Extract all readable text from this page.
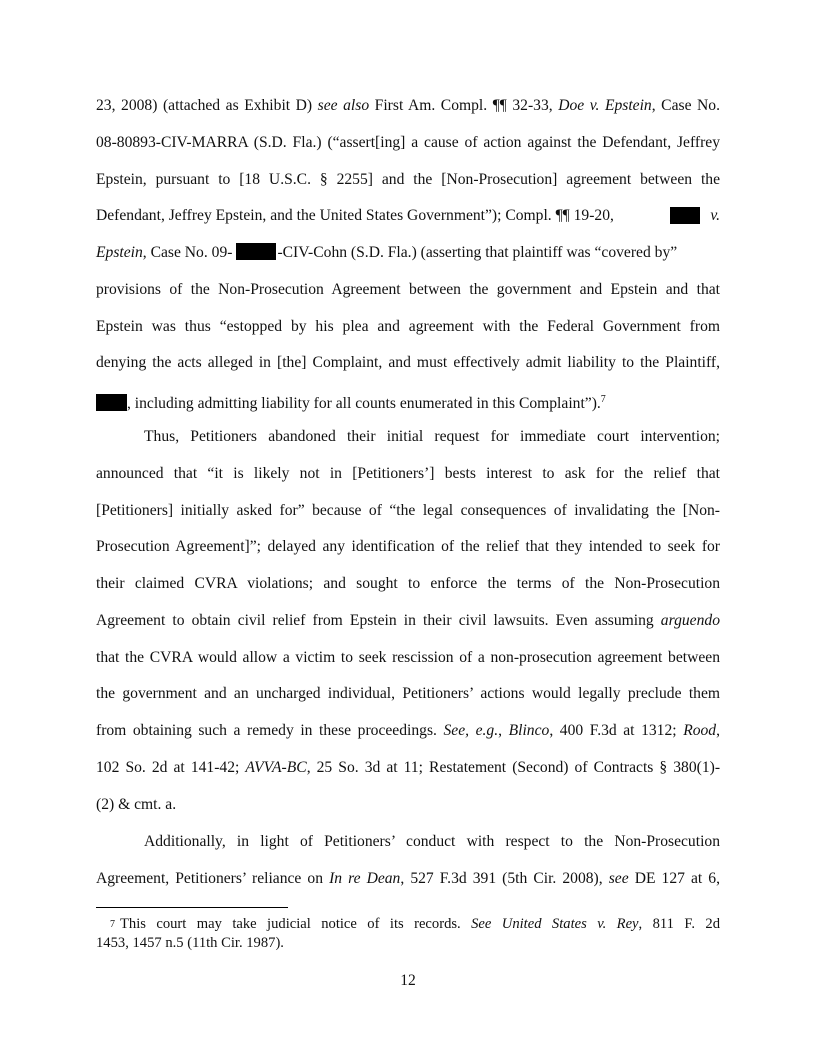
23, 2008) (attached as Exhibit D) see also First Am. Compl. ¶¶ 32-33, Doe v. Epstein, Case No.
08-80893-CIV-MARRA (S.D. Fla.) (“assert[ing] a cause of action against the Defendant, Jeffrey
Epstein, pursuant to [18 U.S.C. § 2255] and the [Non-Prosecution] agreement between the
Defendant, Jeffrey Epstein, and the United States Government”); Compl. ¶¶ 19-20,	v.
Epstein, Case No. 09-	-CIV-Cohn (S.D. Fla.) (asserting that plaintiff was “covered by”
provisions of the Non-Prosecution Agreement between the government and Epstein and that
Epstein was thus “estopped by his plea and agreement with the Federal Government from
denying the acts alleged in [the] Complaint, and must effectively admit liability to the Plaintiff,
, including admitting liability for all counts enumerated in this Complaint”).$^7$
Thus, Petitioners abandoned their initial request for immediate court intervention;
announced that “it is likely not in [Petitioners’] bests interest to ask for the relief that
[Petitioners] initially asked for” because of “the legal consequences of invalidating the [Non-
Prosecution Agreement]”; delayed any identification of the relief that they intended to seek for
their claimed CVRA violations; and sought to enforce the terms of the Non-Prosecution
Agreement to obtain civil relief from Epstein in their civil lawsuits. Even assuming arguendo
that the CVRA would allow a victim to seek rescission of a non-prosecution agreement between
the government and an uncharged individual, Petitioners’ actions would legally preclude them
from obtaining such a remedy in these proceedings. See, e.g., Blinco, 400 F.3d at 1312; Rood,
102 So. 2d at 141-42; AVVA-BC, 25 So. 3d at 11; Restatement (Second) of Contracts § 380(1)-
(2) & cmt. a.
Additionally, in light of Petitioners’ conduct with respect to the Non-Prosecution
Agreement, Petitioners’ reliance on In re Dean, 527 F.3d 391 (5th Cir. 2008), see DE 127 at 6,
7 This court may take judicial notice of its records. See United States v. Rey, 811 F. 2d
1453, 1457 n.5 (11th Cir. 1987).
12
